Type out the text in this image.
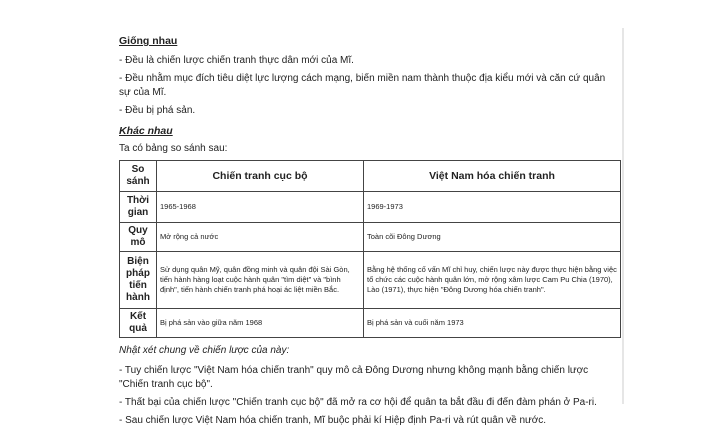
Giống nhau

- Đều là chiến lược chiến tranh thực dân mới của Mĩ.

- Đều nhằm mục đích tiêu diệt lực lượng cách mạng, biến miền nam thành thuộc địa kiểu mới và căn cứ quân sự của Mĩ.

- Đều bị phá sản.

Khác nhau

Ta có bảng so sánh sau:

So sánh	Chiến tranh cục bộ	Việt Nam hóa chiến tranh
Thời gian	1965-1968	1969-1973
Quy mô	Mở rộng cả nước	Toàn cõi Đông Dương
Biện pháp tiến hành	Sử dụng quân Mỹ, quân đồng minh và quân đội Sài Gòn, tiến hành hàng loạt cuộc hành quân "tìm diệt" và "bình định", tiến hành chiến tranh phá hoại ác liệt miền Bắc.	Bằng hệ thống cố vấn Mĩ chỉ huy, chiến lược này được thực hiện bằng việc tổ chức các cuộc hành quân lớn, mở rộng xâm lược Cam Pu Chia (1970), Lào (1971), thực hiện "Đông Dương hóa chiến tranh".
Kết quả	Bị phá sản vào giữa năm 1968	Bị phá sản và cuối năm 1973

Nhật xét chung về chiến lược của này:

- Tuy chiến lược "Việt Nam hóa chiến tranh" quy mô cả Đông Dương nhưng không mạnh bằng chiến lược "Chiến tranh cục bộ".

- Thất bại của chiến lược "Chiến tranh cục bộ" đã mở ra cơ hội để quân ta bắt đầu đi đến đàm phán ở Pa-ri.

- Sau chiến lược Việt Nam hóa chiến tranh, Mĩ buộc phải kí Hiệp định Pa-ri và rút quân về nước.
